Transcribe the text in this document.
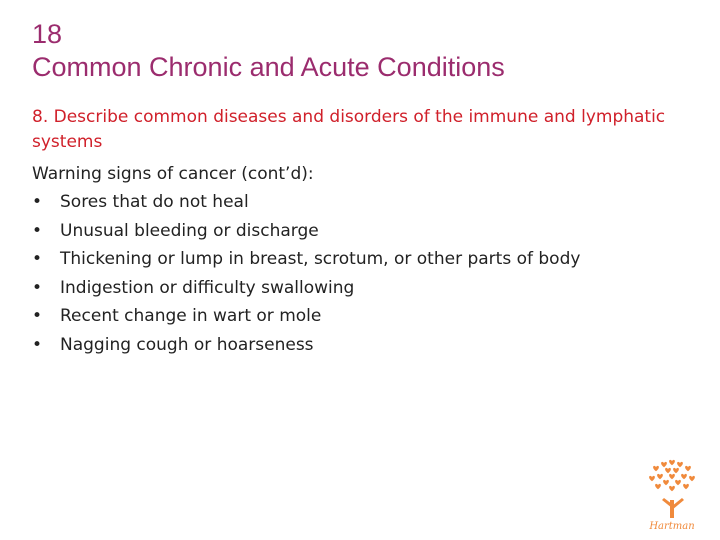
18
Common Chronic and Acute Conditions
8. Describe common diseases and disorders of the immune and lymphatic systems
Warning signs of cancer (cont’d):
• Sores that do not heal
• Unusual bleeding or discharge
• Thickening or lump in breast, scrotum, or other parts of body
• Indigestion or difficulty swallowing
• Recent change in wart or mole
• Nagging cough or hoarseness
Hartman
